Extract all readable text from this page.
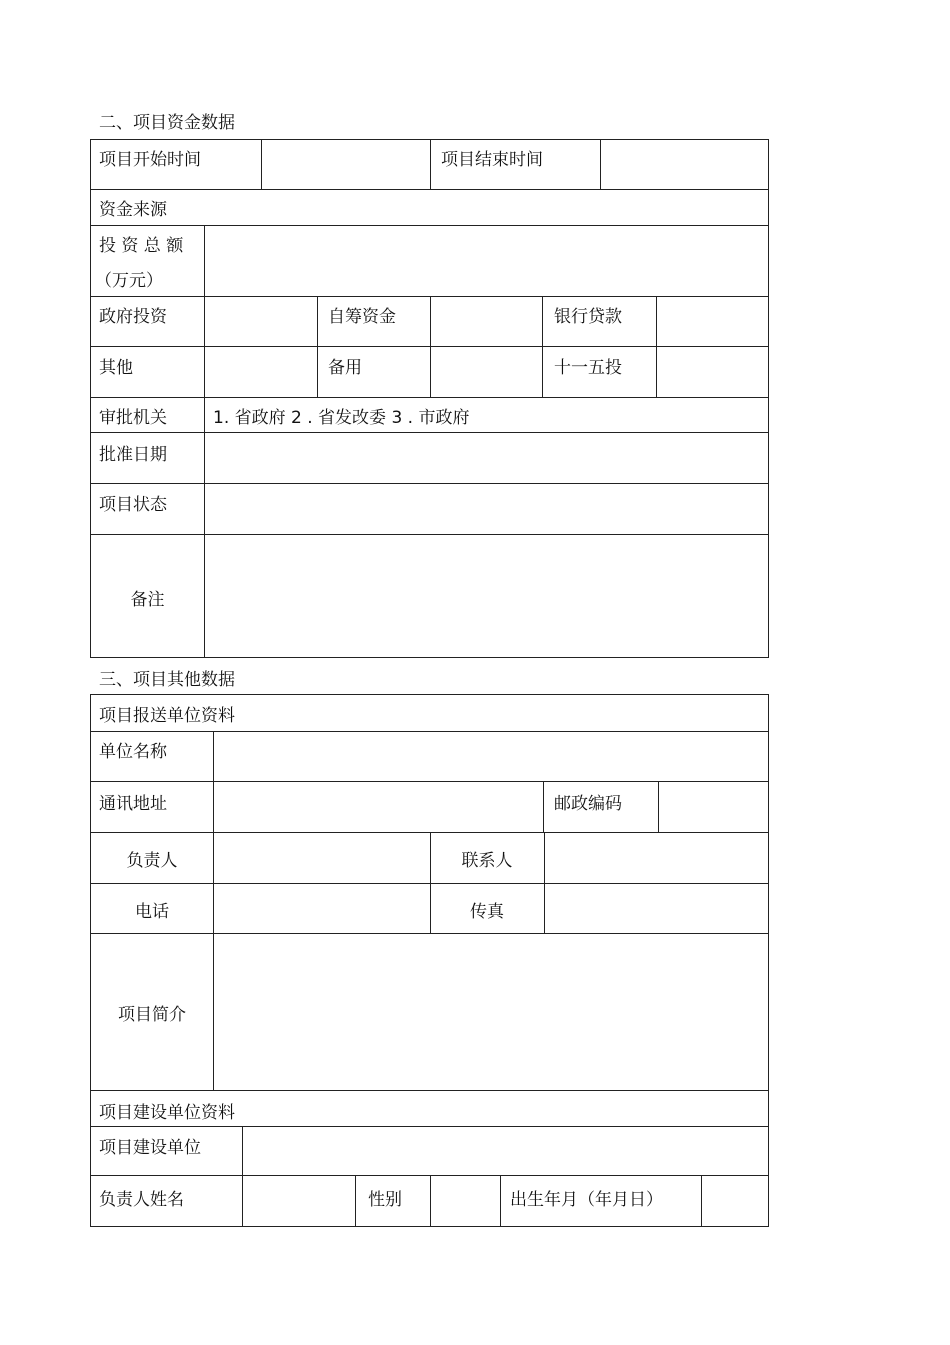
二、项目资金数据
项目开始时间	项目结束时间
资金来源
投 资 总 额
（万元）
政府投资	自筹资金	银行贷款
其他	备用	十一五投
审批机关	1. 省政府 2 . 省发改委 3 . 市政府
批准日期
项目状态
备注
三、项目其他数据
项目报送单位资料
单位名称
通讯地址	邮政编码
负责人	联系人
电话	传真
项目简介
项目建设单位资料
项目建设单位
负责人姓名	性别	出生年月（年月日）
